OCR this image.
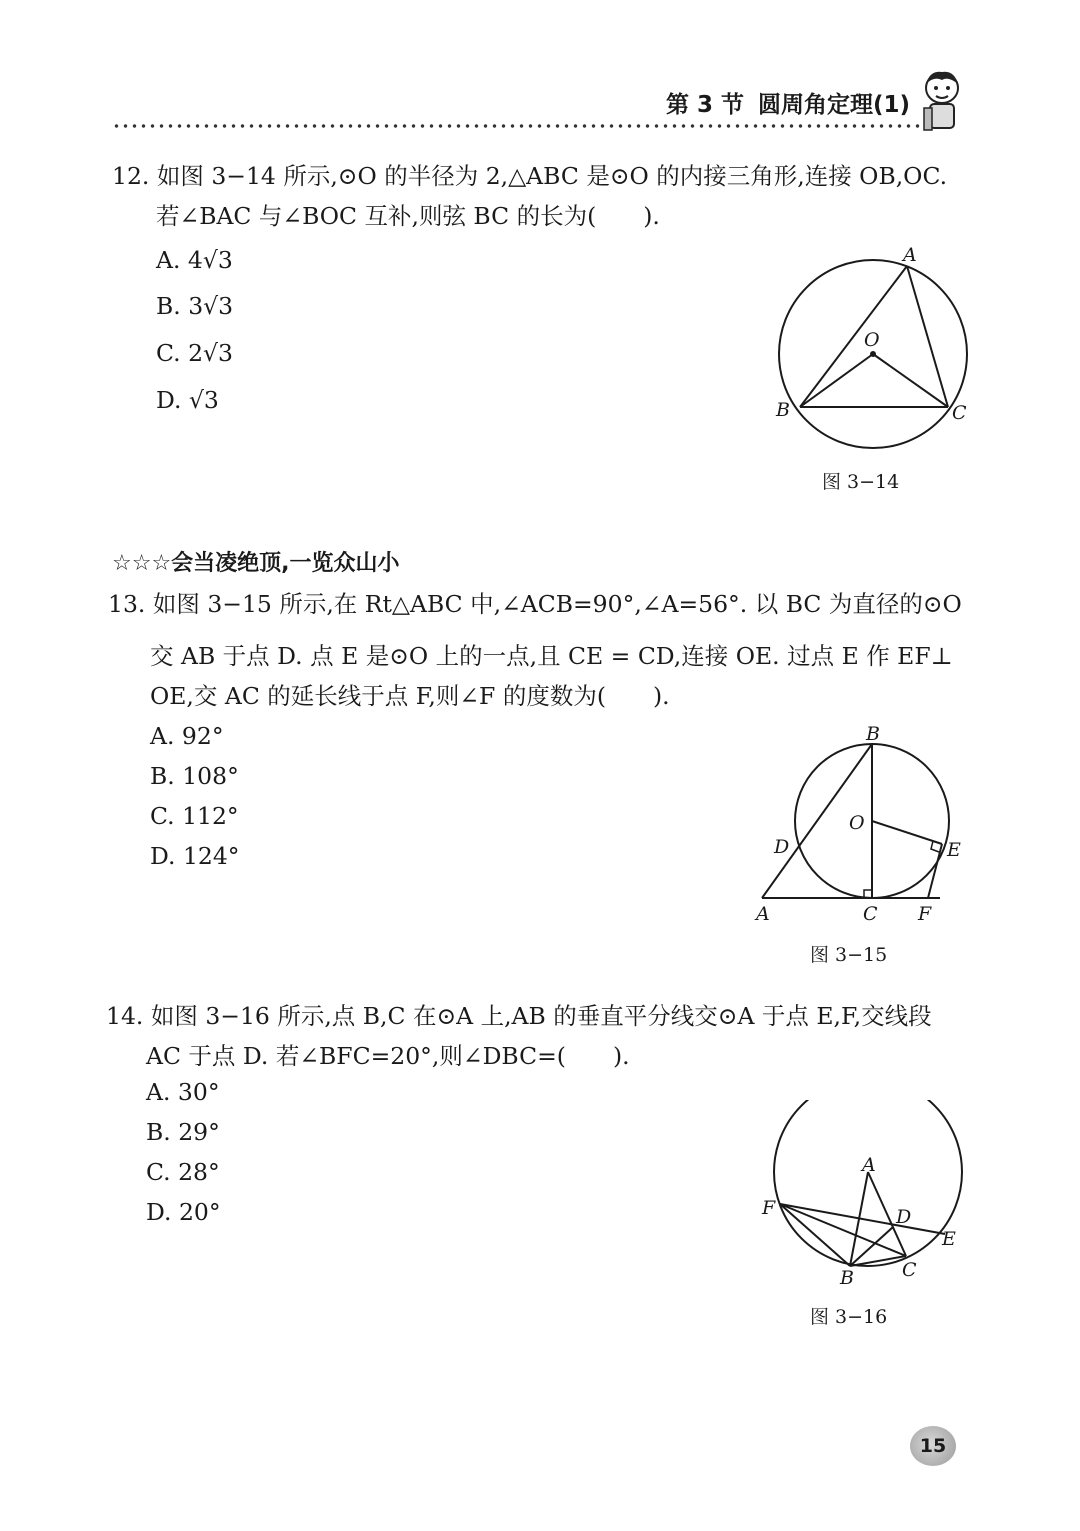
第 3 节 圆周角定理(1)
12. 如图 3−14 所示,⊙O 的半径为 2,△ABC 是⊙O 的内接三角形,连接 OB,OC.
若∠BAC 与∠BOC 互补,则弦 BC 的长为(　　).
A. 4√3
B. 3√3
C. 2√3
D. √3
A
O
B	C
图 3−14
☆☆☆会当凌绝顶,一览众山小
13. 如图 3−15 所示,在 Rt△ABC 中,∠ACB=90°,∠A=56°. 以 BC 为直径的⊙O
交 AB 于点 D. 点 E 是⊙O 上的一点,且 CE = CD,连接 OE. 过点 E 作 EF⊥
OE,交 AC 的延长线于点 F,则∠F 的度数为(　　).
A. 92°
B. 108°
C. 112°
D. 124°
B
O
D	E
A	C F
图 3−15
14. 如图 3−16 所示,点 B,C 在⊙A 上,AB 的垂直平分线交⊙A 于点 E,F,交线段
AC 于点 D. 若∠BFC=20°,则∠DBC=(　　).
A. 30°
B. 29°
C. 28°
D. 20°
A
F	D
E
B	C
图 3−16
15
